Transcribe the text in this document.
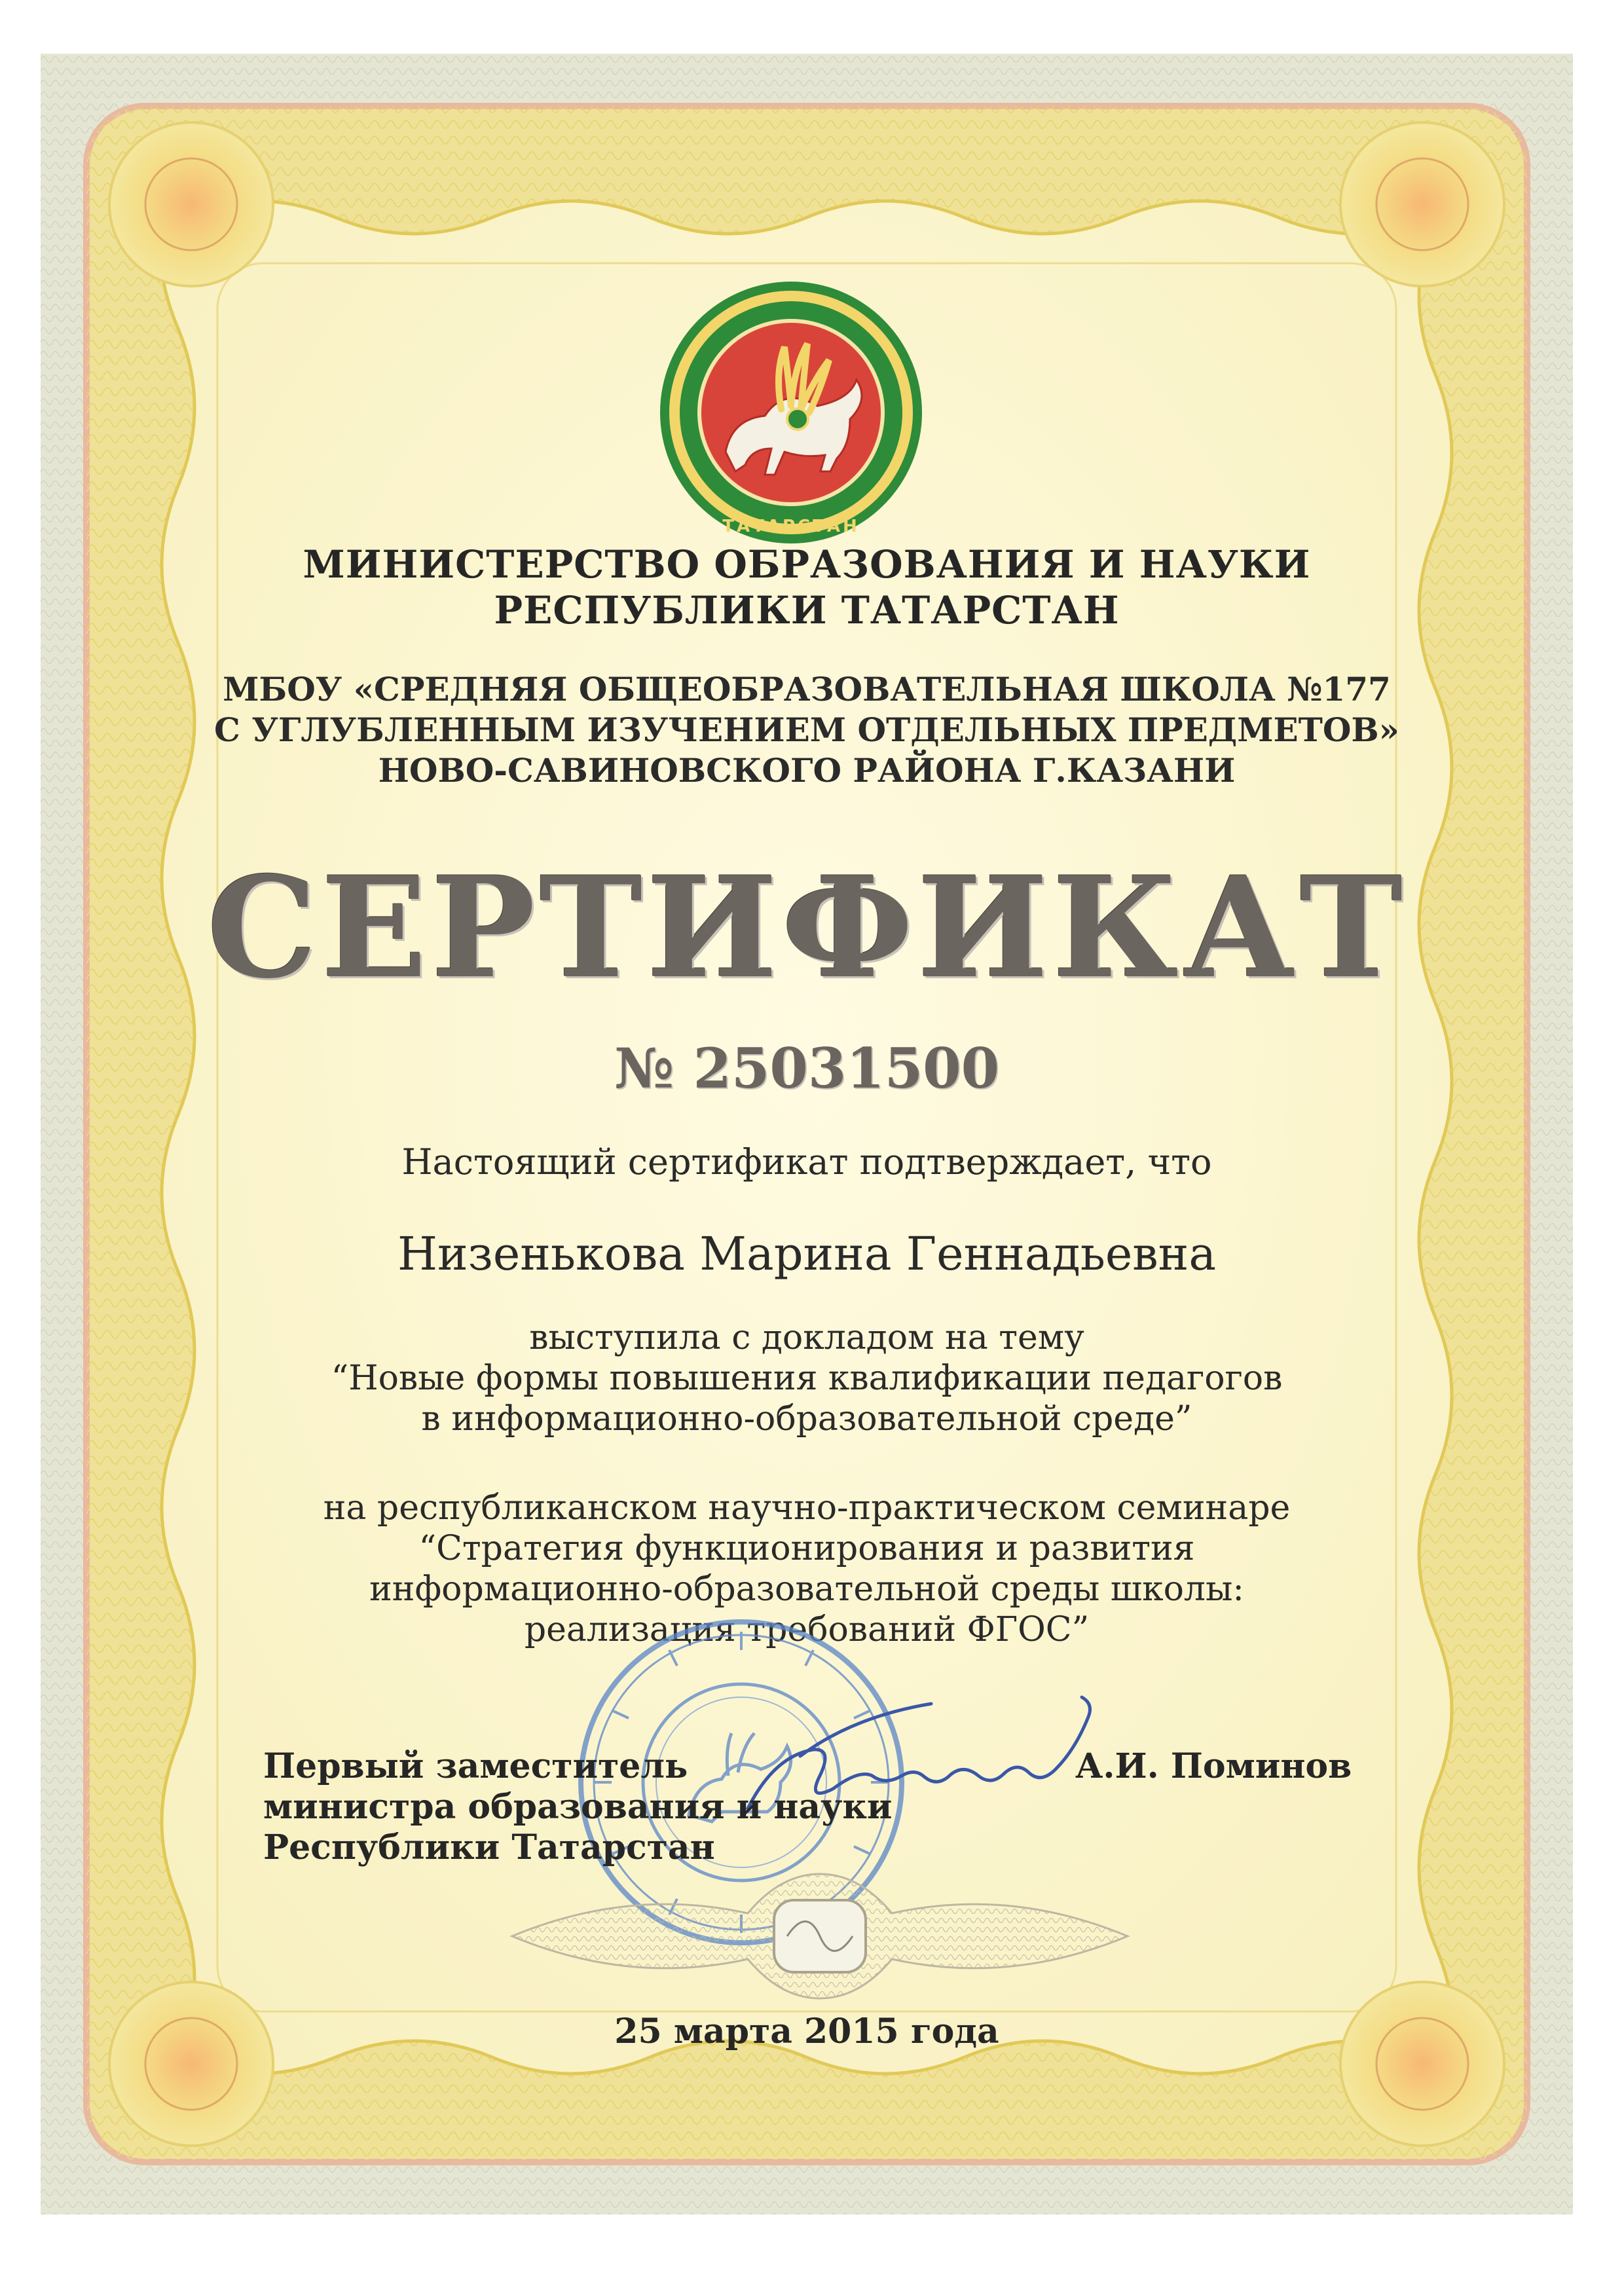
ТАТАРСТАН
МИНИСТЕРСТВО ОБРАЗОВАНИЯ И НАУКИ
РЕСПУБЛИКИ ТАТАРСТАН
МБОУ «СРЕДНЯЯ ОБЩЕОБРАЗОВАТЕЛЬНАЯ ШКОЛА №177
С УГЛУБЛЕННЫМ ИЗУЧЕНИЕМ ОТДЕЛЬНЫХ ПРЕДМЕТОВ»
НОВО-САВИНОВСКОГО РАЙОНА Г.КАЗАНИ
СЕРТИФИКАТ
№ 25031500
Настоящий сертификат подтверждает, что
Низенькова Марина Геннадьевна
выступила с докладом на тему
“Новые формы повышения квалификации педагогов
в информационно-образовательной среде”
на республиканском научно-практическом семинаре
“Стратегия функционирования и развития
информационно-образовательной среды школы:
реализация требований ФГОС”
Первый заместитель
министра образования и науки
Республики Татарстан
А.И. Поминов
25 марта 2015 года
